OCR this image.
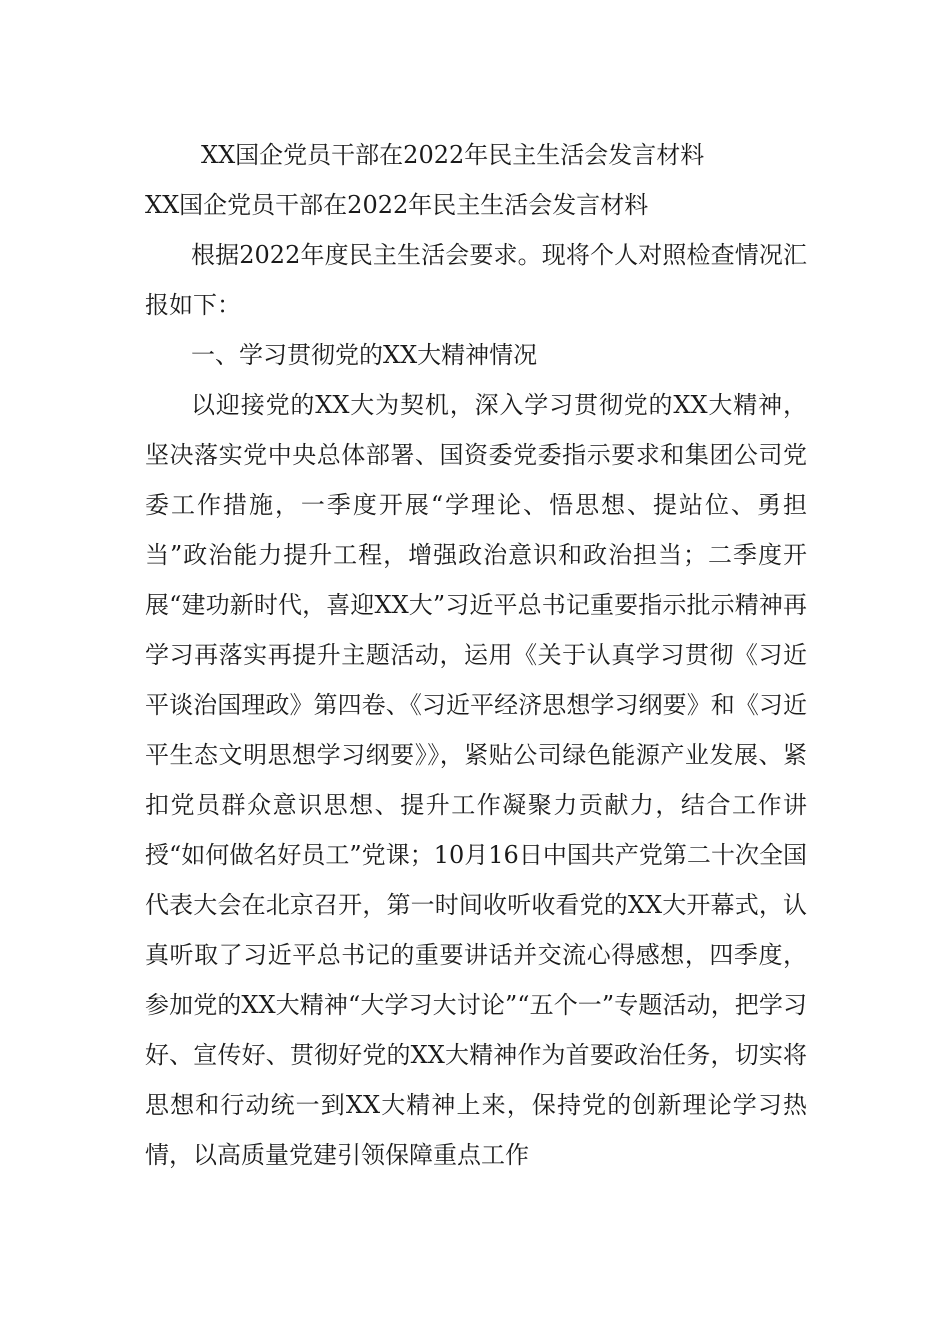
XX国企党员干部在2022年民主生活会发言材料
XX国企党员干部在2022年民主生活会发言材料

根据2022年度民主生活会要求。现将个人对照检查情况汇报如下：

一、学习贯彻党的XX大精神情况

以迎接党的XX大为契机，深入学习贯彻党的XX大精神，坚决落实党中央总体部署、国资委党委指示要求和集团公司党委工作措施，一季度开展“学理论、悟思想、提站位、勇担当”政治能力提升工程，增强政治意识和政治担当；二季度开展“建功新时代，喜迎XX大”习近平总书记重要指示批示精神再学习再落实再提升主题活动，运用《关于认真学习贯彻《习近平谈治国理政》第四卷、《习近平经济思想学习纲要》和《习近平生态文明思想学习纲要》》，紧贴公司绿色能源产业发展、紧扣党员群众意识思想、提升工作凝聚力贡献力，结合工作讲授“如何做名好员工”党课；10月16日中国共产党第二十次全国代表大会在北京召开，第一时间收听收看党的XX大开幕式，认真听取了习近平总书记的重要讲话并交流心得感想，四季度，参加党的XX大精神“大学习大讨论”“五个一”专题活动，把学习好、宣传好、贯彻好党的XX大精神作为首要政治任务，切实将思想和行动统一到XX大精神上来，保持党的创新理论学习热情，以高质量党建引领保障重点工作
